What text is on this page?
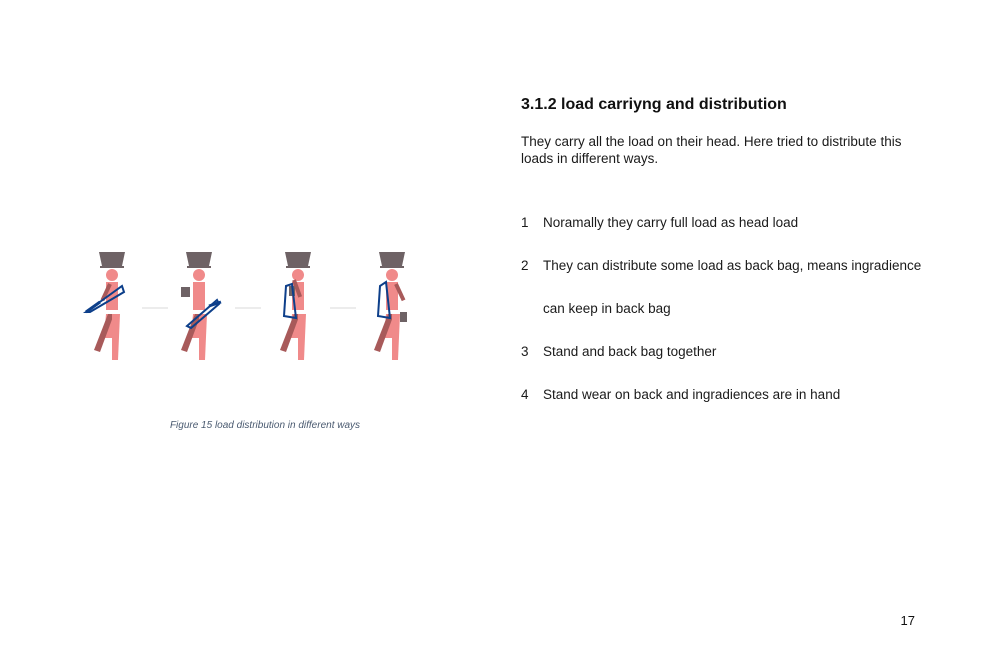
Figure 15 load distribution in different ways

3.1.2 load carriyng and distribution

They carry all the load on their head. Here tried to distribute this loads in different ways.

1	Noramally they carry full load as head load
2	They can distribute some load as back bag, means ingradience
can keep in back bag
3	Stand and back bag together
4	Stand wear on back and ingradiences are in hand
17
